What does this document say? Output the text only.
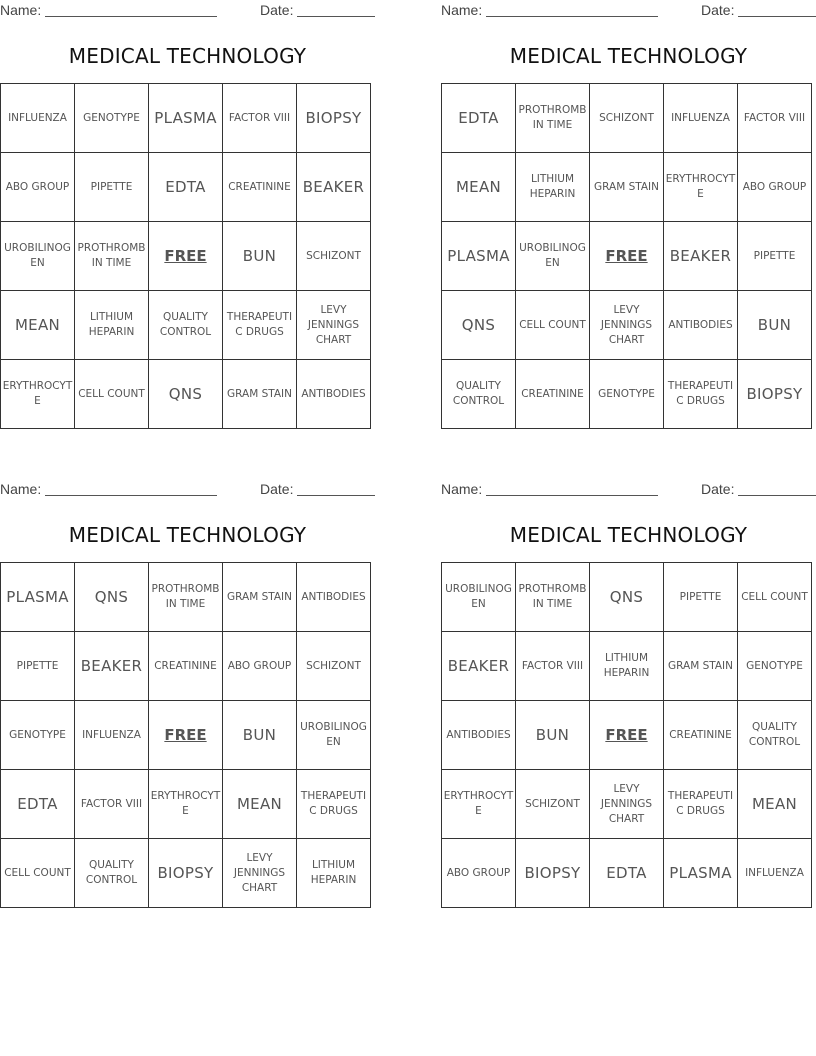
Name:	Date:
MEDICAL TECHNOLOGY
INFLUENZA	GENOTYPE	PLASMA	FACTOR VIII	BIOPSY
ABO GROUP	PIPETTE	EDTA	CREATININE	BEAKER
UROBILINOGEN	PROTHROMBIN TIME	FREE	BUN	SCHIZONT
MEAN	LITHIUM HEPARIN	QUALITY CONTROL	THERAPEUTIC DRUGS	LEVY JENNINGS CHART
ERYTHROCYTE	CELL COUNT	QNS	GRAM STAIN	ANTIBODIES
Name:	Date:
MEDICAL TECHNOLOGY
EDTA	PROTHROMBIN TIME	SCHIZONT	INFLUENZA	FACTOR VIII
MEAN	LITHIUM HEPARIN	GRAM STAIN	ERYTHROCYTE	ABO GROUP
PLASMA	UROBILINOGEN	FREE	BEAKER	PIPETTE
QNS	CELL COUNT	LEVY JENNINGS CHART	ANTIBODIES	BUN
QUALITY CONTROL	CREATININE	GENOTYPE	THERAPEUTIC DRUGS	BIOPSY
Name:	Date:
MEDICAL TECHNOLOGY
PLASMA	QNS	PROTHROMBIN TIME	GRAM STAIN	ANTIBODIES
PIPETTE	BEAKER	CREATININE	ABO GROUP	SCHIZONT
GENOTYPE	INFLUENZA	FREE	BUN	UROBILINOGEN
EDTA	FACTOR VIII	ERYTHROCYTE	MEAN	THERAPEUTIC DRUGS
CELL COUNT	QUALITY CONTROL	BIOPSY	LEVY JENNINGS CHART	LITHIUM HEPARIN
Name:	Date:
MEDICAL TECHNOLOGY
UROBILINOGEN	PROTHROMBIN TIME	QNS	PIPETTE	CELL COUNT
BEAKER	FACTOR VIII	LITHIUM HEPARIN	GRAM STAIN	GENOTYPE
ANTIBODIES	BUN	FREE	CREATININE	QUALITY CONTROL
ERYTHROCYTE	SCHIZONT	LEVY JENNINGS CHART	THERAPEUTIC DRUGS	MEAN
ABO GROUP	BIOPSY	EDTA	PLASMA	INFLUENZA
